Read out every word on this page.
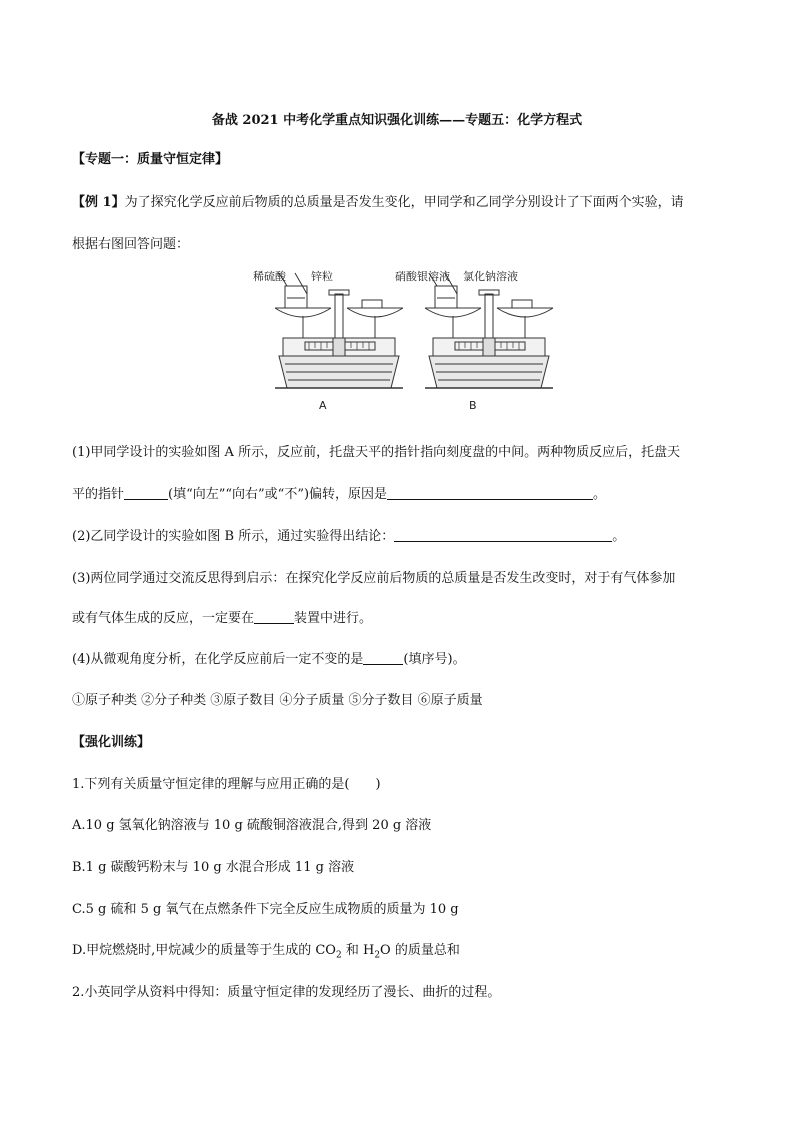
备战 2021 中考化学重点知识强化训练——专题五：化学方程式
【专题一：质量守恒定律】
【例 1】为了探究化学反应前后物质的总质量是否发生变化，甲同学和乙同学分别设计了下面两个实验，请
根据右图回答问题：
稀硫酸 锌粒	硝酸银溶液 氯化钠溶液
A	B
(1)甲同学设计的实验如图 A 所示，反应前，托盘天平的指针指向刻度盘的中间。两种物质反应后，托盘天
平的指针	(填“向左”“向右”或“不”)偏转，原因是	。
(2)乙同学设计的实验如图 B 所示，通过实验得出结论：	。
(3)两位同学通过交流反思得到启示：在探究化学反应前后物质的总质量是否发生改变时，对于有气体参加
或有气体生成的反应，一定要在	装置中进行。
(4)从微观角度分析，在化学反应前后一定不变的是	(填序号)。
①原子种类 ②分子种类 ③原子数目 ④分子质量 ⑤分子数目 ⑥原子质量
【强化训练】
1.下列有关质量守恒定律的理解与应用正确的是(　　)
A.10 g 氢氧化钠溶液与 10 g 硫酸铜溶液混合,得到 20 g 溶液
B.1 g 碳酸钙粉末与 10 g 水混合形成 11 g 溶液
C.5 g 硫和 5 g 氧气在点燃条件下完全反应生成物质的质量为 10 g
D.甲烷燃烧时,甲烷减少的质量等于生成的 $CO_2$ 和 $H_2O$ 的质量总和
2.小英同学从资料中得知：质量守恒定律的发现经历了漫长、曲折的过程。
